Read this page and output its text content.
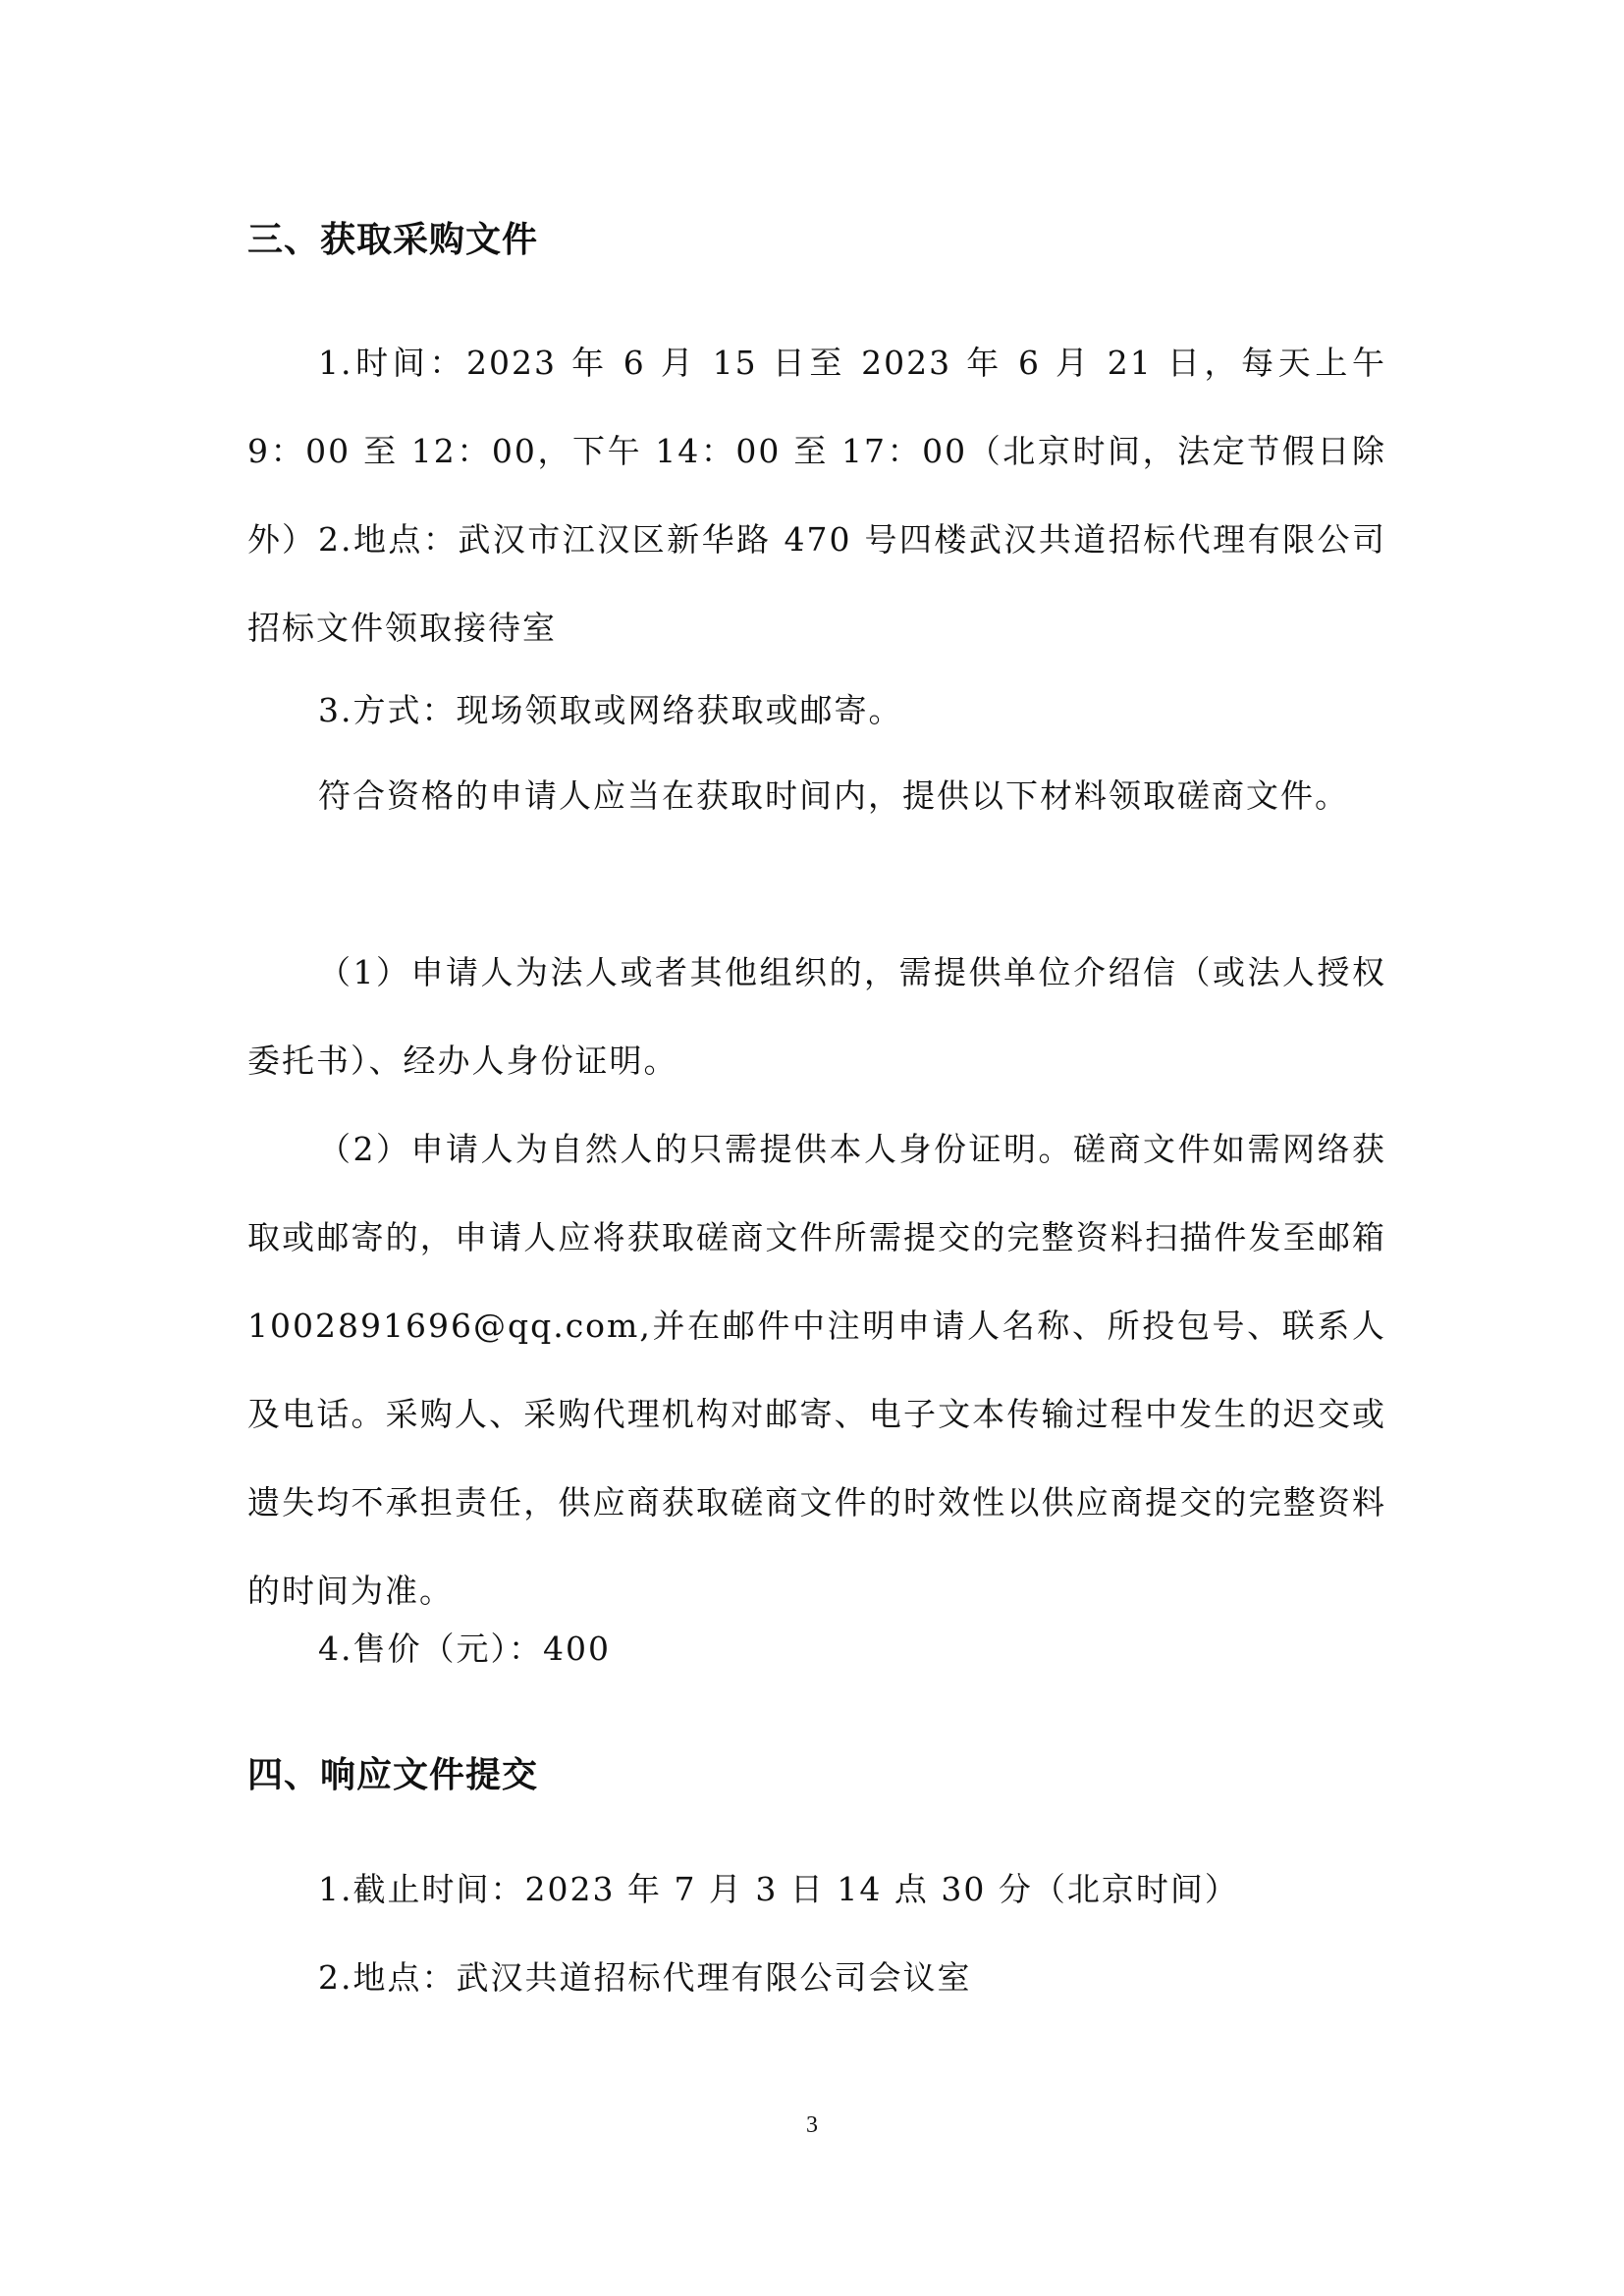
三、获取采购文件
1.时间：2023 年 6 月 15 日至 2023 年 6 月 21 日，每天上午 9：00 至 12：00，下午 14：00 至 17：00（北京时间，法定节假日除外） 2.地点：武汉市江汉区新华路 470 号四楼武汉共道招标代理有限公司招标文件领取接待室
3.方式：现场领取或网络获取或邮寄。
符合资格的申请人应当在获取时间内，提供以下材料领取磋商文件。
（1）申请人为法人或者其他组织的，需提供单位介绍信（或法人授权委托书）、经办人身份证明。
（2）申请人为自然人的只需提供本人身份证明。磋商文件如需网络获取或邮寄的，申请人应将获取磋商文件所需提交的完整资料扫描件发至邮箱 1002891696@qq.com,并在邮件中注明申请人名称、所投包号、联系人及电话。采购人、采购代理机构对邮寄、电子文本传输过程中发生的迟交或遗失均不承担责任，供应商获取磋商文件的时效性以供应商提交的完整资料的时间为准。
4.售价（元）：400
四、响应文件提交
1.截止时间：2023 年 7 月 3 日 14 点 30 分（北京时间）
2.地点：武汉共道招标代理有限公司会议室
3
